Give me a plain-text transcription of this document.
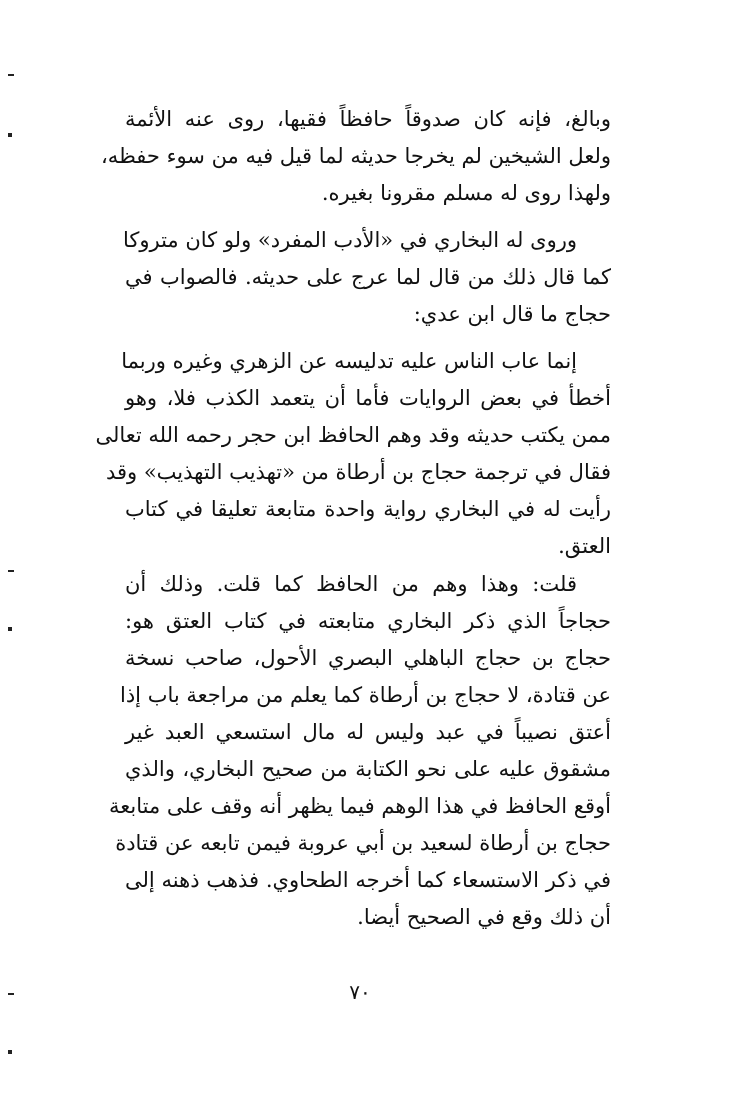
وبالغ، فإنه كان صدوقاً حافظاً فقيها، روى عنه الأئمة
ولعل الشيخين لم يخرجا حديثه لما قيل فيه من سوء حفظه،
ولهذا روى له مسلم مقرونا بغيره.
وروى له البخاري في «الأدب المفرد» ولو كان متروكا
كما قال ذلك من قال لما عرج على حديثه. فالصواب في
حجاج ما قال ابن عدي:
إنما عاب الناس عليه تدليسه عن الزهري وغيره وربما
أخطأ في بعض الروايات فأما أن يتعمد الكذب فلا، وهو
ممن يكتب حديثه وقد وهم الحافظ ابن حجر رحمه الله تعالى
فقال في ترجمة حجاج بن أرطاة من «تهذيب التهذيب» وقد
رأيت له في البخاري رواية واحدة متابعة تعليقا في كتاب
العتق.
قلت: وهذا وهم من الحافظ كما قلت. وذلك أن
حجاجاً الذي ذكر البخاري متابعته في كتاب العتق هو:
حجاج بن حجاج الباهلي البصري الأحول، صاحب نسخة
عن قتادة، لا حجاج بن أرطاة كما يعلم من مراجعة باب إذا
أعتق نصيباً في عبد وليس له مال استسعي العبد غير
مشقوق عليه على نحو الكتابة من صحيح البخاري، والذي
أوقع الحافظ في هذا الوهم فيما يظهر أنه وقف على متابعة
حجاج بن أرطاة لسعيد بن أبي عروبة فيمن تابعه عن قتادة
في ذكر الاستسعاء كما أخرجه الطحاوي. فذهب ذهنه إلى
أن ذلك وقع في الصحيح أيضا.
٧٠
